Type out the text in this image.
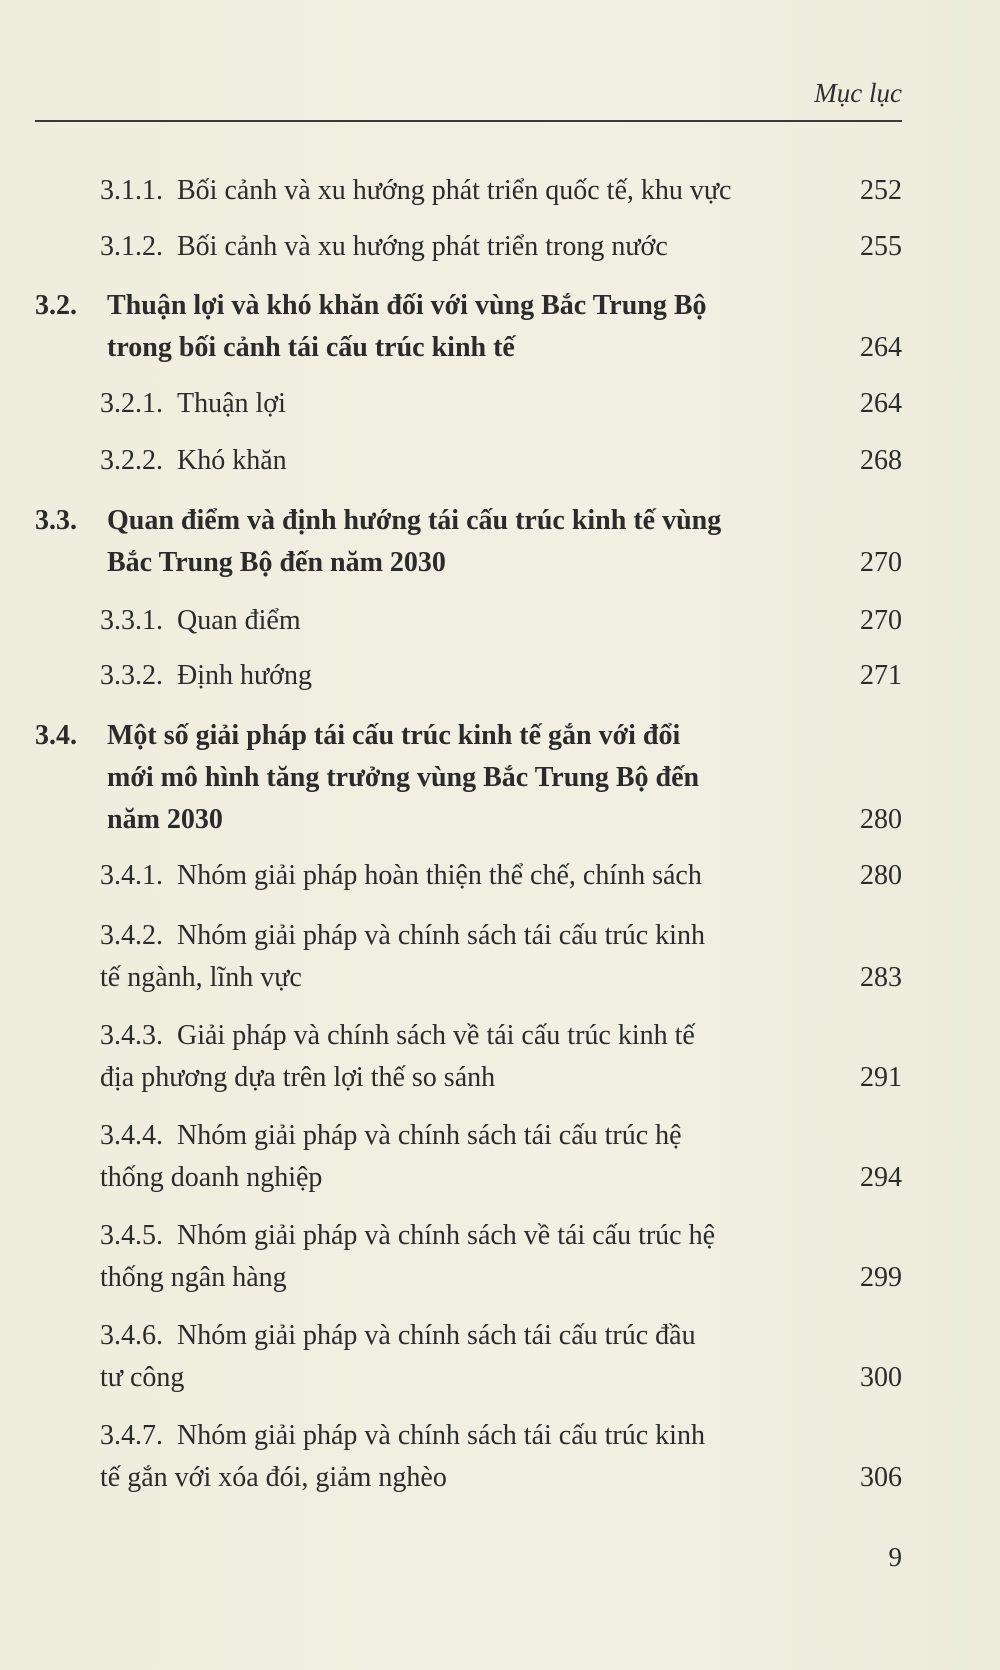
Mục lục
3.1.1. Bối cảnh và xu hướng phát triển quốc tế, khu vực	252
3.1.2. Bối cảnh và xu hướng phát triển trong nước	255
3.2. Thuận lợi và khó khăn đối với vùng Bắc Trung Bộ
trong bối cảnh tái cấu trúc kinh tế	264
3.2.1. Thuận lợi	264
3.2.2. Khó khăn	268
3.3. Quan điểm và định hướng tái cấu trúc kinh tế vùng
Bắc Trung Bộ đến năm 2030	270
3.3.1. Quan điểm	270
3.3.2. Định hướng	271
3.4. Một số giải pháp tái cấu trúc kinh tế gắn với đổi
mới mô hình tăng trưởng vùng Bắc Trung Bộ đến
năm 2030	280
3.4.1. Nhóm giải pháp hoàn thiện thể chế, chính sách	280
3.4.2. Nhóm giải pháp và chính sách tái cấu trúc kinh
tế ngành, lĩnh vực	283
3.4.3. Giải pháp và chính sách về tái cấu trúc kinh tế
địa phương dựa trên lợi thế so sánh	291
3.4.4. Nhóm giải pháp và chính sách tái cấu trúc hệ
thống doanh nghiệp	294
3.4.5. Nhóm giải pháp và chính sách về tái cấu trúc hệ
thống ngân hàng	299
3.4.6. Nhóm giải pháp và chính sách tái cấu trúc đầu
tư công	300
3.4.7. Nhóm giải pháp và chính sách tái cấu trúc kinh
tế gắn với xóa đói, giảm nghèo	306
9
